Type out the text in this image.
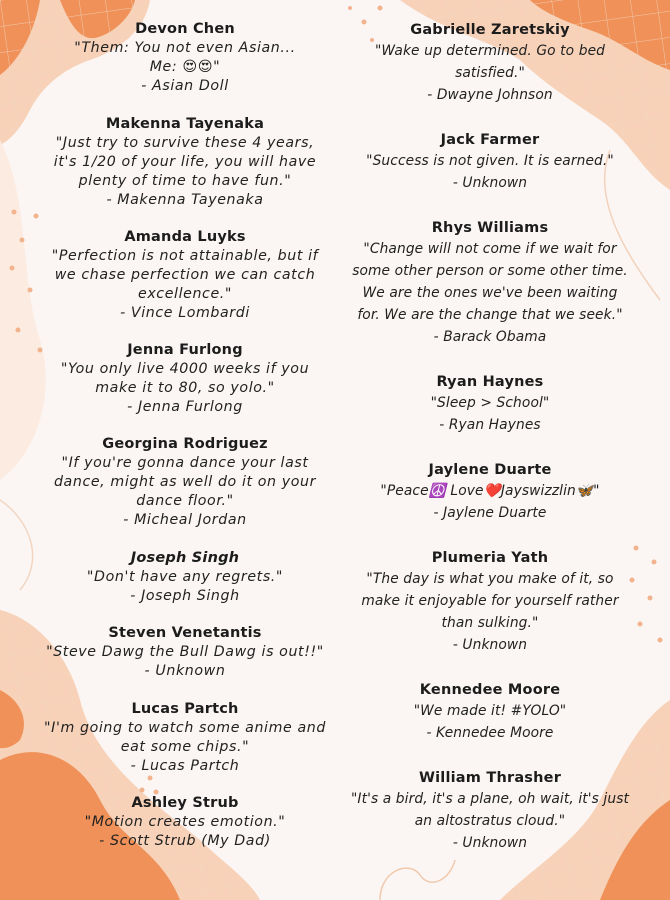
Devon Chen
"Them: You not even Asian...
Me: 😍😍"
- Asian Doll
Makenna Tayenaka
"Just try to survive these 4 years,
it's 1/20 of your life, you will have
plenty of time to have fun."
- Makenna Tayenaka
Amanda Luyks
"Perfection is not attainable, but if
we chase perfection we can catch
excellence."
- Vince Lombardi
Jenna Furlong
"You only live 4000 weeks if you
make it to 80, so yolo."
- Jenna Furlong
Georgina Rodriguez
"If you're gonna dance your last
dance, might as well do it on your
dance floor."
- Micheal Jordan
Joseph Singh
"Don't have any regrets."
- Joseph Singh
Steven Venetantis
"Steve Dawg the Bull Dawg is out!!"
- Unknown
Lucas Partch
"I'm going to watch some anime and
eat some chips."
- Lucas Partch
Ashley Strub
"Motion creates emotion."
- Scott Strub (My Dad)
Gabrielle Zaretskiy
"Wake up determined. Go to bed
satisfied."
- Dwayne Johnson
Jack Farmer
"Success is not given. It is earned."
- Unknown
Rhys Williams
"Change will not come if we wait for
some other person or some other time.
We are the ones we've been waiting
for. We are the change that we seek."
- Barack Obama
Ryan Haynes
"Sleep > School"
- Ryan Haynes
Jaylene Duarte
"Peace☮️ Love❤️Jayswizzlin🦋"
- Jaylene Duarte
Plumeria Yath
"The day is what you make of it, so
make it enjoyable for yourself rather
than sulking."
- Unknown
Kennedee Moore
"We made it! #YOLO"
- Kennedee Moore
William Thrasher
"It's a bird, it's a plane, oh wait, it's just
an altostratus cloud."
- Unknown
